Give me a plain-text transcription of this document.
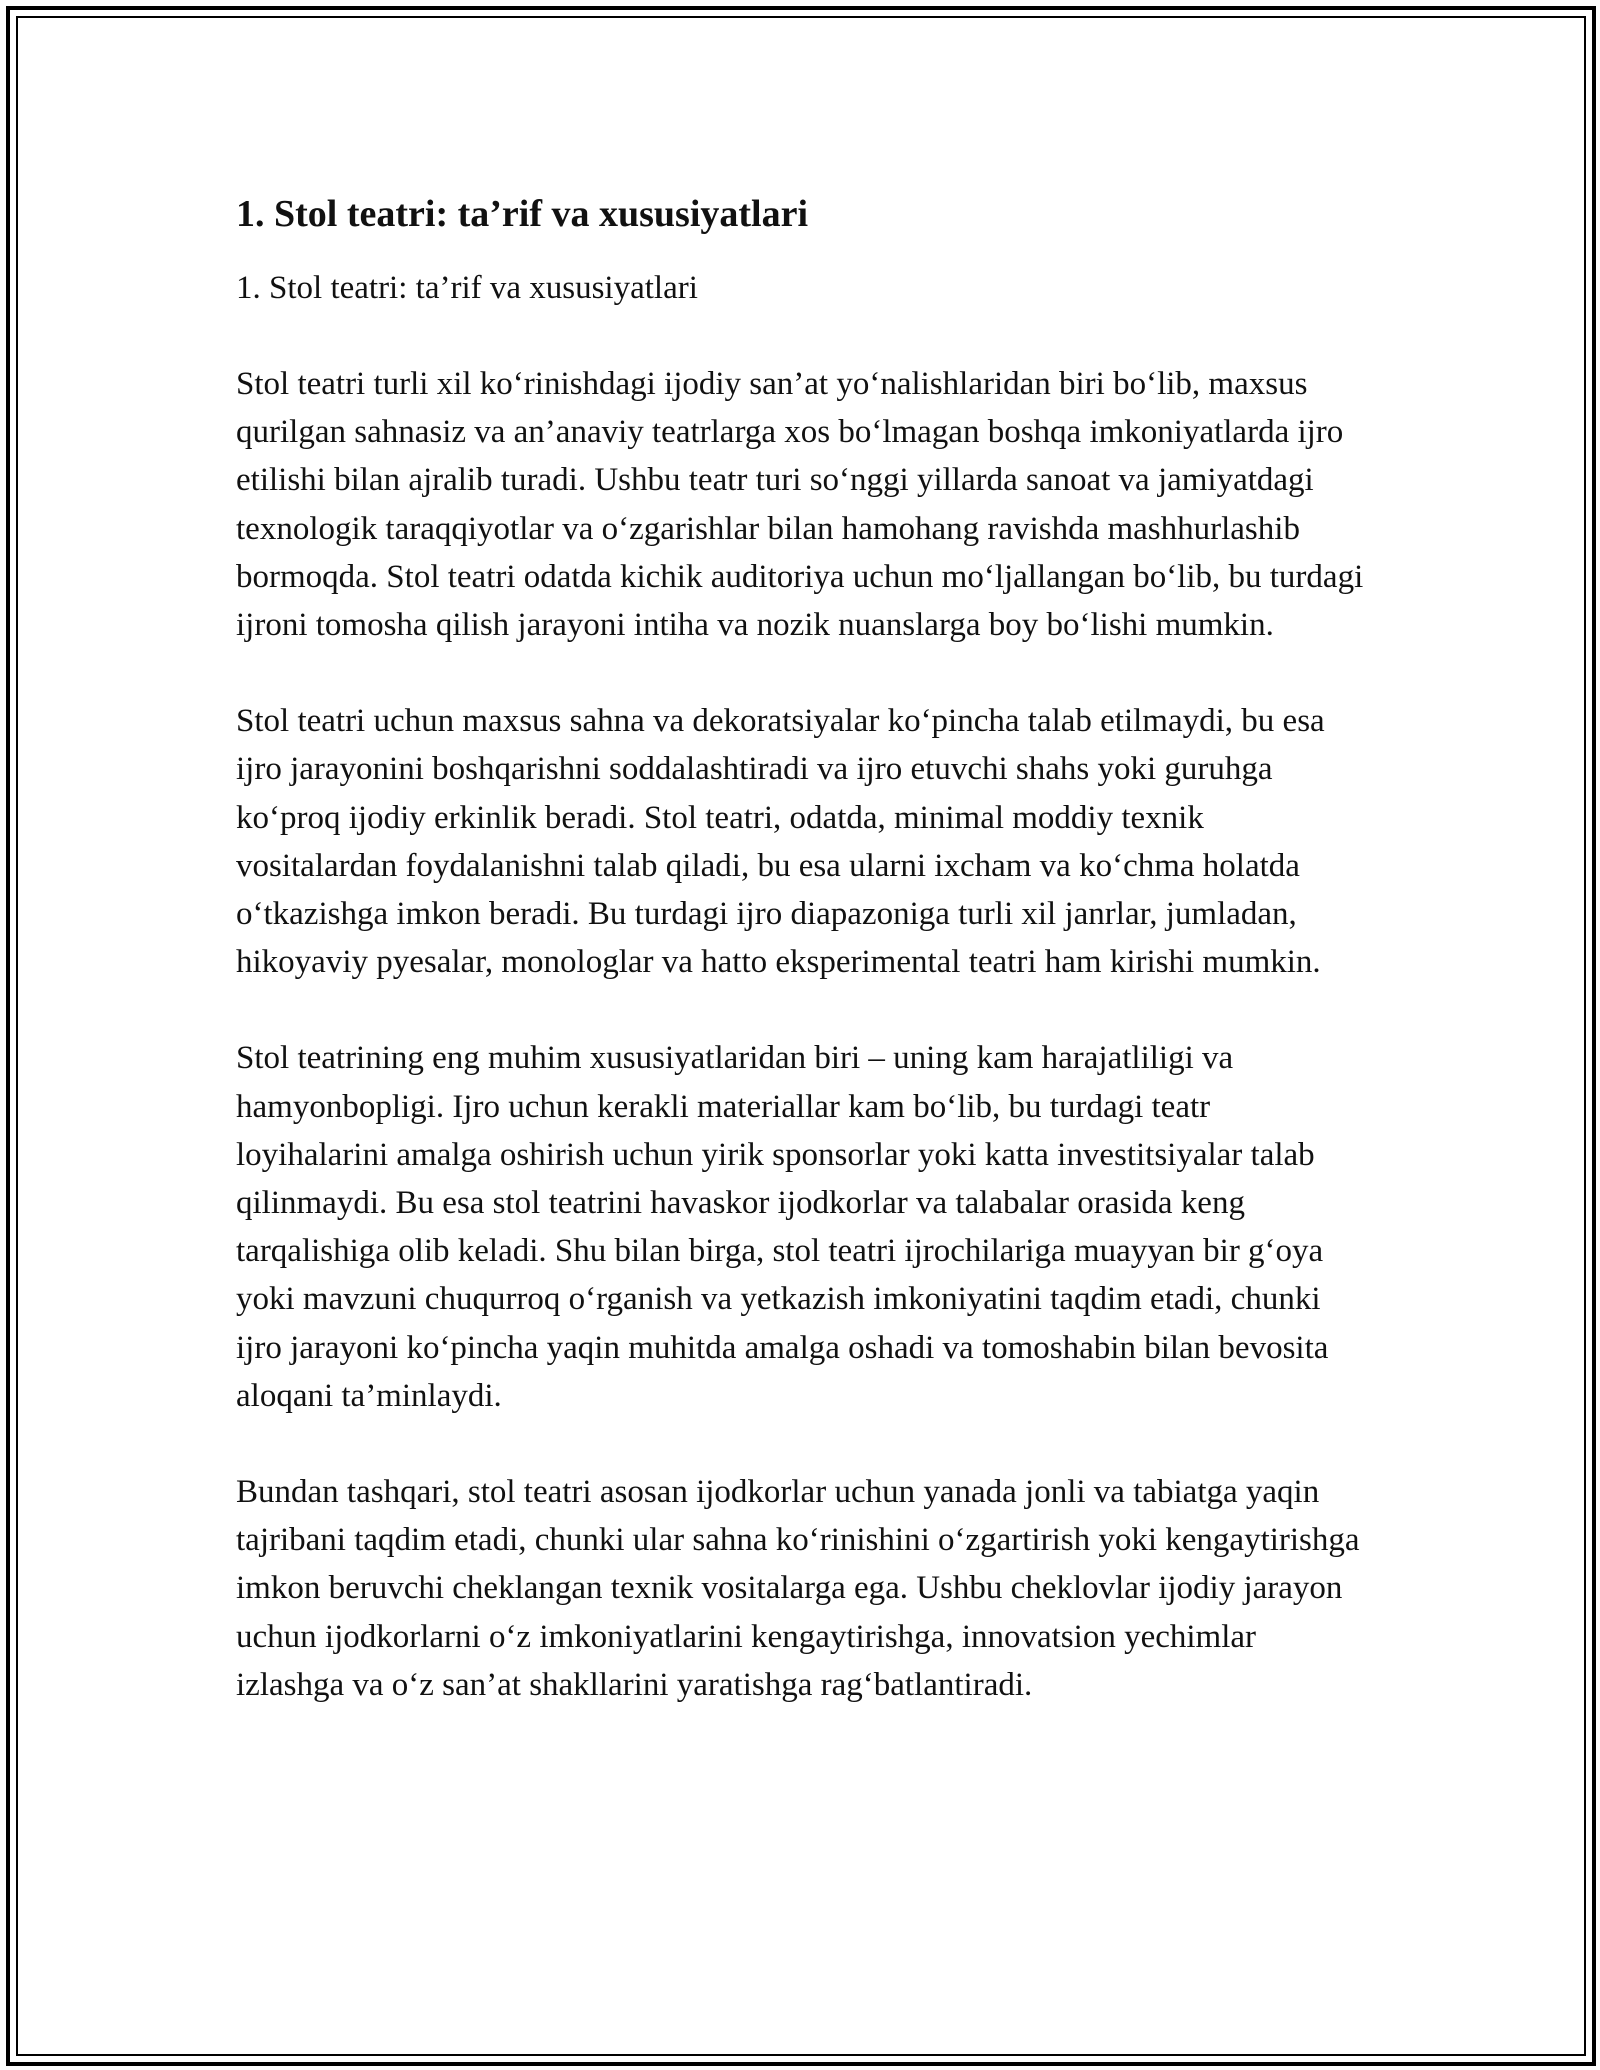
1. Stol teatri: ta’rif va xususiyatlari

1. Stol teatri: ta’rif va xususiyatlari

Stol teatri turli xil koʻrinishdagi ijodiy san’at yoʻnalishlaridan biri boʻlib, maxsus qurilgan sahnasiz va an’anaviy teatrlarga xos boʻlmagan boshqa imkoniyatlarda ijro etilishi bilan ajralib turadi. Ushbu teatr turi soʻnggi yillarda sanoat va jamiyatdagi texnologik taraqqiyotlar va oʻzgarishlar bilan hamohang ravishda mashhurlashib bormoqda. Stol teatri odatda kichik auditoriya uchun moʻljallangan boʻlib, bu turdagi ijroni tomosha qilish jarayoni intiha va nozik nuanslarga boy boʻlishi mumkin.

Stol teatri uchun maxsus sahna va dekoratsiyalar koʻpincha talab etilmaydi, bu esa ijro jarayonini boshqarishni soddalashtiradi va ijro etuvchi shahs yoki guruhga koʻproq ijodiy erkinlik beradi. Stol teatri, odatda, minimal moddiy texnik vositalardan foydalanishni talab qiladi, bu esa ularni ixcham va koʻchma holatda oʻtkazishga imkon beradi. Bu turdagi ijro diapazoniga turli xil janrlar, jumladan, hikoyaviy pyesalar, monologlar va hatto eksperimental teatri ham kirishi mumkin.

Stol teatrining eng muhim xususiyatlaridan biri – uning kam harajatliligi va hamyonbopligi. Ijro uchun kerakli materiallar kam boʻlib, bu turdagi teatr loyihalarini amalga oshirish uchun yirik sponsorlar yoki katta investitsiyalar talab qilinmaydi. Bu esa stol teatrini havaskor ijodkorlar va talabalar orasida keng tarqalishiga olib keladi. Shu bilan birga, stol teatri ijrochilariga muayyan bir gʻoya yoki mavzuni chuqurroq oʻrganish va yetkazish imkoniyatini taqdim etadi, chunki ijro jarayoni koʻpincha yaqin muhitda amalga oshadi va tomoshabin bilan bevosita aloqani ta’minlaydi.

Bundan tashqari, stol teatri asosan ijodkorlar uchun yanada jonli va tabiatga yaqin tajribani taqdim etadi, chunki ular sahna koʻrinishini oʻzgartirish yoki kengaytirishga imkon beruvchi cheklangan texnik vositalarga ega. Ushbu cheklovlar ijodiy jarayon uchun ijodkorlarni oʻz imkoniyatlarini kengaytirishga, innovatsion yechimlar izlashga va oʻz san’at shakllarini yaratishga ragʻbatlantiradi.
